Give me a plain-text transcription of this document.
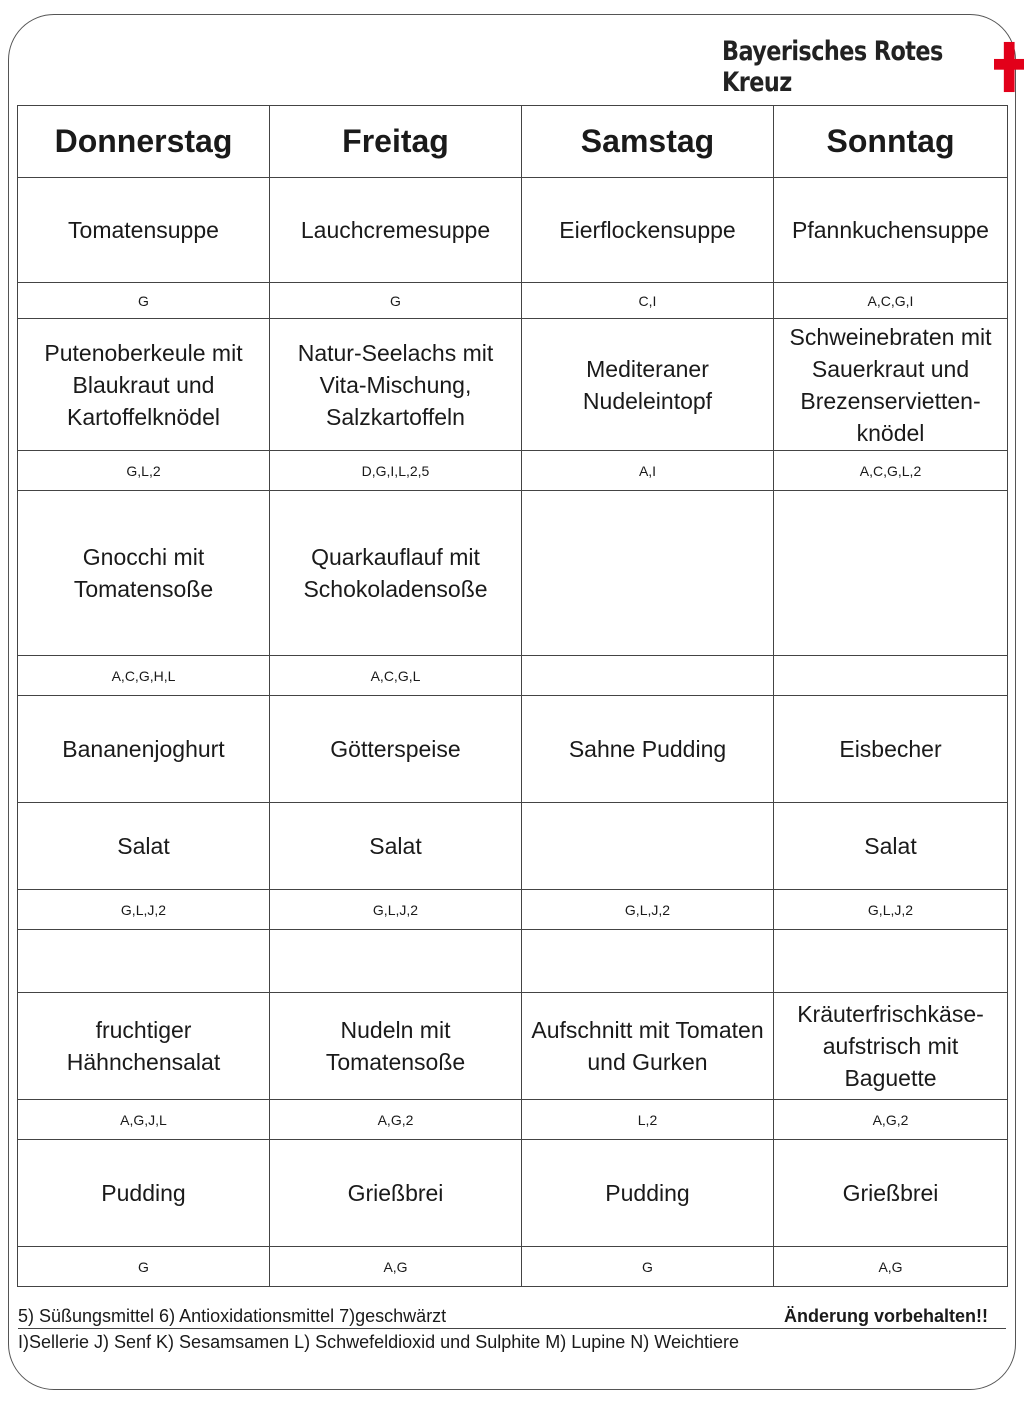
Bayerisches Rotes Kreuz
Donnerstag	Freitag	Samstag	Sonntag
Tomatensuppe	Lauchcremesuppe	Eierflockensuppe	Pfannkuchensuppe
G	G	C,I	A,C,G,I
Putenoberkeule mit Blaukraut und Kartoffelknödel	Natur-Seelachs mit Vita-Mischung, Salzkartoffeln	Mediteraner Nudeleintopf	Schweinebraten mit Sauerkraut und Brezenservietten-knödel
G,L,2	D,G,I,L,2,5	A,I	A,C,G,L,2
Gnocchi mit Tomatensoße	Quarkauflauf mit Schokoladensoße		
A,C,G,H,L	A,C,G,L		
Bananenjoghurt	Götterspeise	Sahne Pudding	Eisbecher
Salat	Salat		Salat
G,L,J,2	G,L,J,2	G,L,J,2	G,L,J,2

fruchtiger Hähnchensalat	Nudeln mit Tomatensoße	Aufschnitt mit Tomaten und Gurken	Kräuterfrischkäse-aufstrisch mit Baguette
A,G,J,L	A,G,2	L,2	A,G,2
Pudding	Grießbrei	Pudding	Grießbrei
G	A,G	G	A,G
5) Süßungsmittel 6) Antioxidationsmittel 7)geschwärzt	Änderung vorbehalten!!
I)Sellerie J) Senf K) Sesamsamen L) Schwefeldioxid und Sulphite M) Lupine N) Weichtiere
